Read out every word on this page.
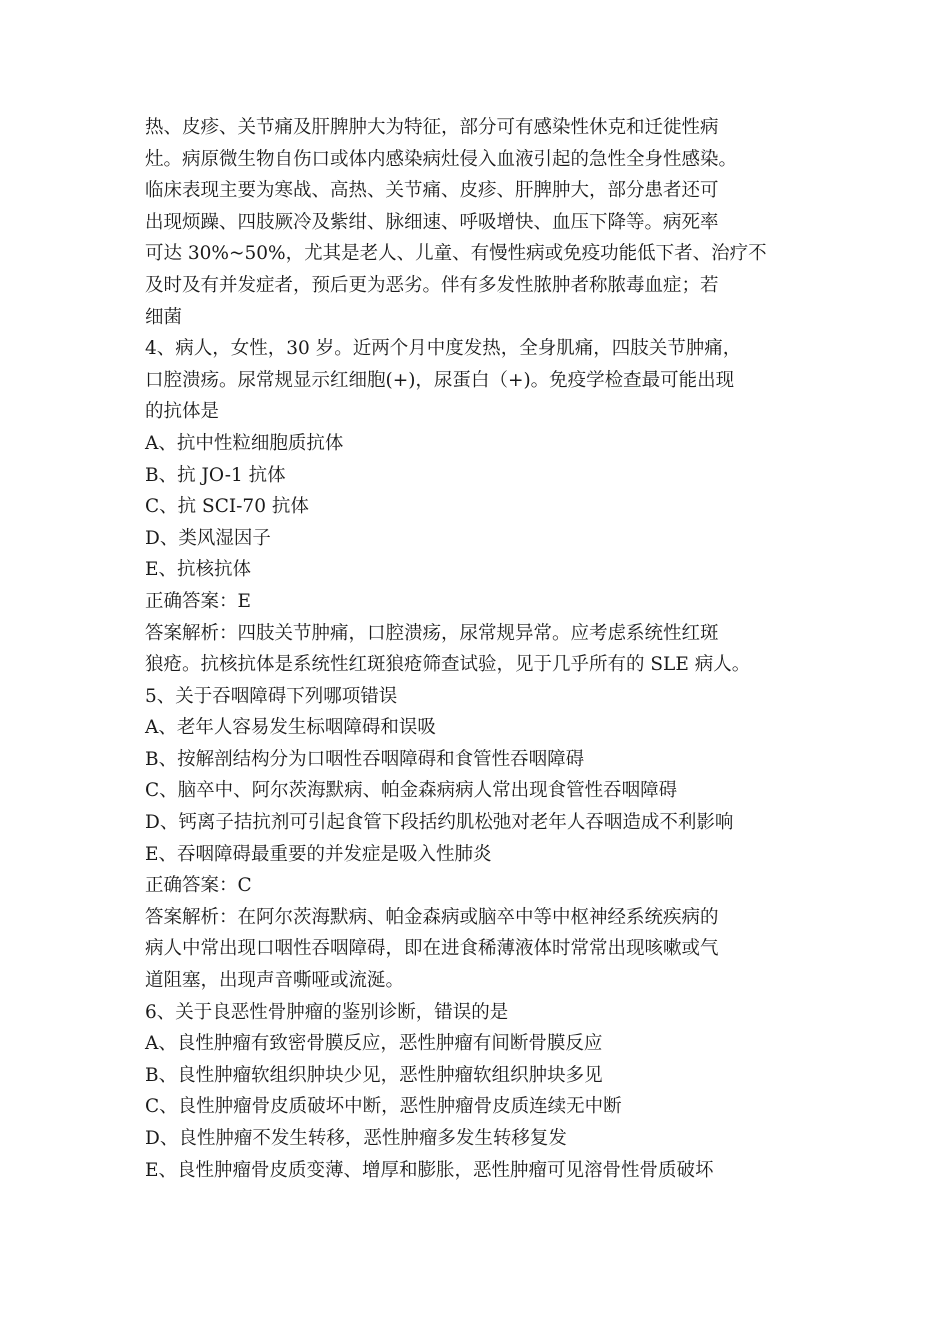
热、皮疹、关节痛及肝脾肿大为特征，部分可有感染性休克和迁徙性病
灶。病原微生物自伤口或体内感染病灶侵入血液引起的急性全身性感染。
临床表现主要为寒战、高热、关节痛、皮疹、肝脾肿大，部分患者还可
出现烦躁、四肢厥冷及紫绀、脉细速、呼吸增快、血压下降等。病死率
可达 30%~50%，尤其是老人、儿童、有慢性病或免疫功能低下者、治疗不
及时及有并发症者，预后更为恶劣。伴有多发性脓肿者称脓毒血症；若
细菌
4、病人，女性，30 岁。近两个月中度发热，全身肌痛，四肢关节肿痛，
口腔溃疡。尿常规显示红细胞(+)，尿蛋白（+)。免疫学检查最可能出现
的抗体是
A、抗中性粒细胞质抗体
B、抗 JO-1 抗体
C、抗 SCI-70 抗体
D、类风湿因子
E、抗核抗体
正确答案：E
答案解析：四肢关节肿痛，口腔溃疡，尿常规异常。应考虑系统性红斑
狼疮。抗核抗体是系统性红斑狼疮筛查试验，见于几乎所有的 SLE 病人。
5、关于吞咽障碍下列哪项错误
A、老年人容易发生标咽障碍和误吸
B、按解剖结构分为口咽性吞咽障碍和食管性吞咽障碍
C、脑卒中、阿尔茨海默病、帕金森病病人常出现食管性吞咽障碍
D、钙离子拮抗剂可引起食管下段括约肌松弛对老年人吞咽造成不利影响
E、吞咽障碍最重要的并发症是吸入性肺炎
正确答案：C
答案解析：在阿尔茨海默病、帕金森病或脑卒中等中枢神经系统疾病的
病人中常出现口咽性吞咽障碍，即在进食稀薄液体时常常出现咳嗽或气
道阻塞，出现声音嘶哑或流涎。
6、关于良恶性骨肿瘤的鉴别诊断，错误的是
A、良性肿瘤有致密骨膜反应，恶性肿瘤有间断骨膜反应
B、良性肿瘤软组织肿块少见，恶性肿瘤软组织肿块多见
C、良性肿瘤骨皮质破坏中断，恶性肿瘤骨皮质连续无中断
D、良性肿瘤不发生转移，恶性肿瘤多发生转移复发
E、良性肿瘤骨皮质变薄、增厚和膨胀，恶性肿瘤可见溶骨性骨质破坏
